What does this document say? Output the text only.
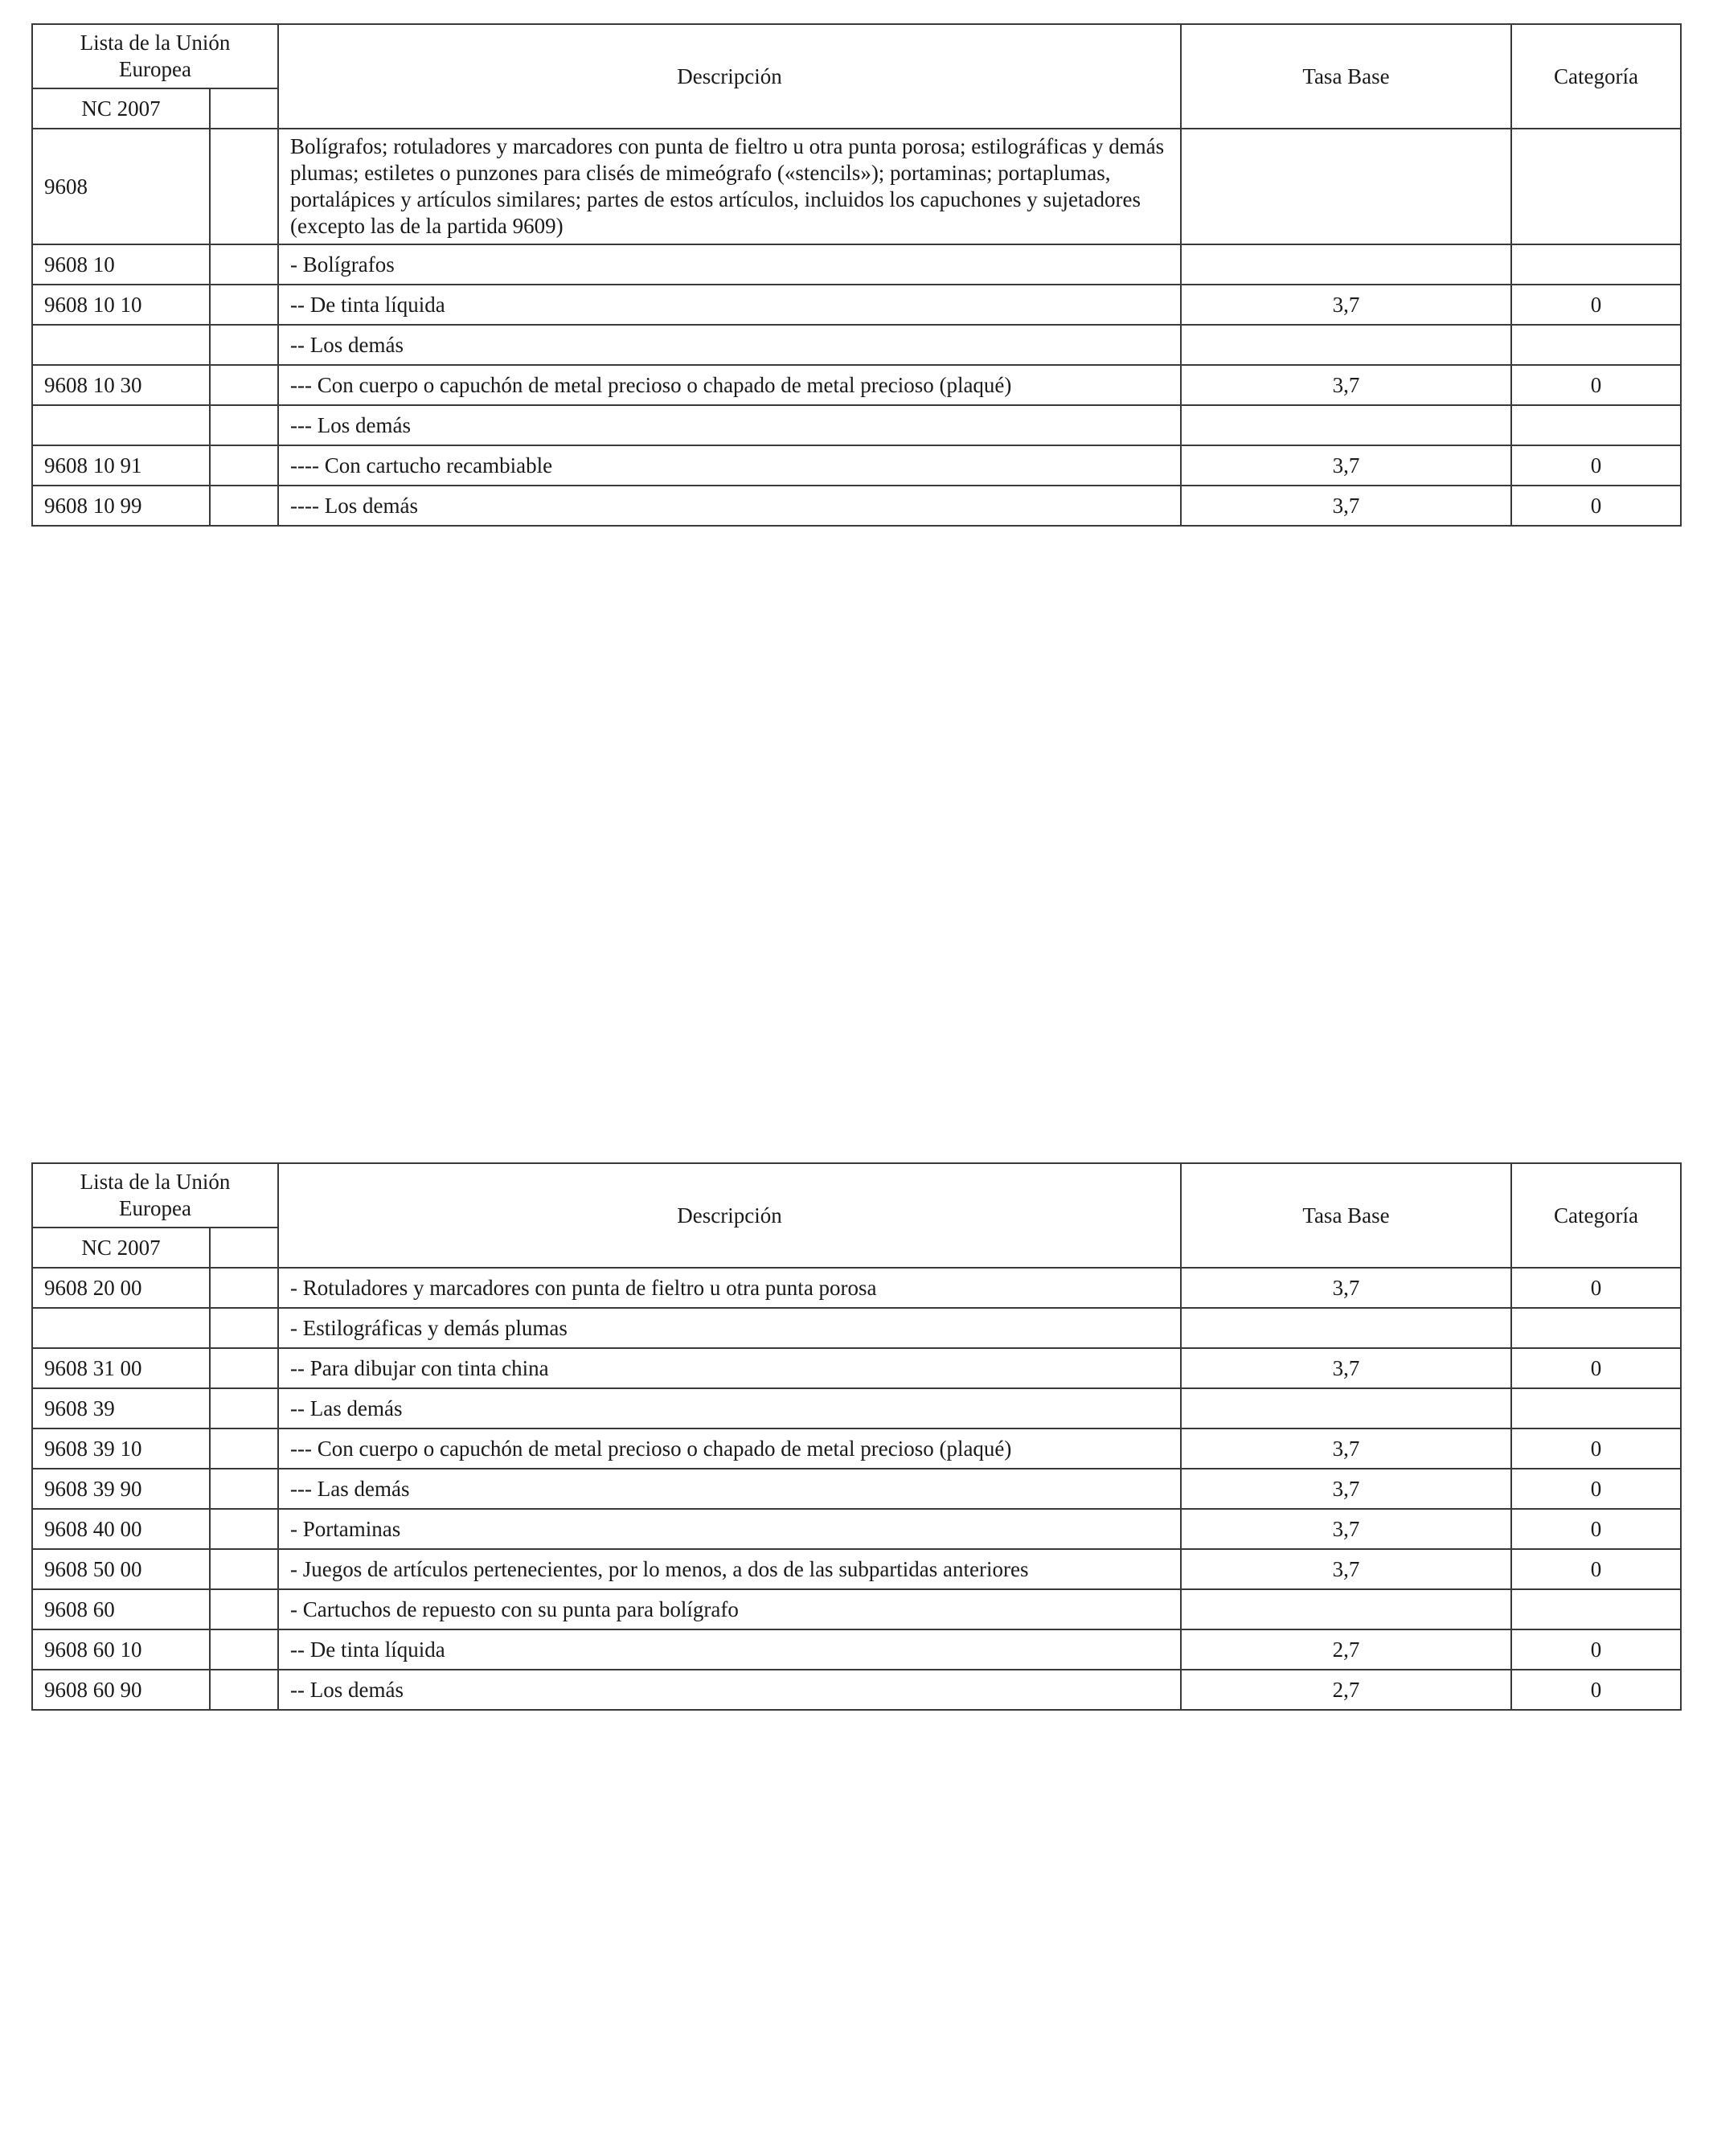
Lista de la Unión Europea		Descripción	Tasa Base	Categoría
NC 2007				
9608		Bolígrafos; rotuladores y marcadores con punta de fieltro u otra punta porosa; estilográficas y demás plumas; estiletes o punzones para clisés de mimeógrafo («stencils»); portaminas; portaplumas, portalápices y artículos similares; partes de estos artículos, incluidos los capuchones y sujetadores (excepto las de la partida 9609)		
9608 10		- Bolígrafos		
9608 10 10		-- De tinta líquida	3,7	0
		-- Los demás		
9608 10 30		--- Con cuerpo o capuchón de metal precioso o chapado de metal precioso (plaqué)	3,7	0
		--- Los demás		
9608 10 91		---- Con cartucho recambiable	3,7	0
9608 10 99		---- Los demás	3,7	0
Lista de la Unión Europea		Descripción	Tasa Base	Categoría
NC 2007				
9608 20 00		- Rotuladores y marcadores con punta de fieltro u otra punta porosa	3,7	0
		- Estilográficas y demás plumas		
9608 31 00		-- Para dibujar con tinta china	3,7	0
9608 39		-- Las demás		
9608 39 10		--- Con cuerpo o capuchón de metal precioso o chapado de metal precioso (plaqué)	3,7	0
9608 39 90		--- Las demás	3,7	0
9608 40 00		- Portaminas	3,7	0
9608 50 00		- Juegos de artículos pertenecientes, por lo menos, a dos de las subpartidas anteriores	3,7	0
9608 60		- Cartuchos de repuesto con su punta para bolígrafo		
9608 60 10		-- De tinta líquida	2,7	0
9608 60 90		-- Los demás	2,7	0
